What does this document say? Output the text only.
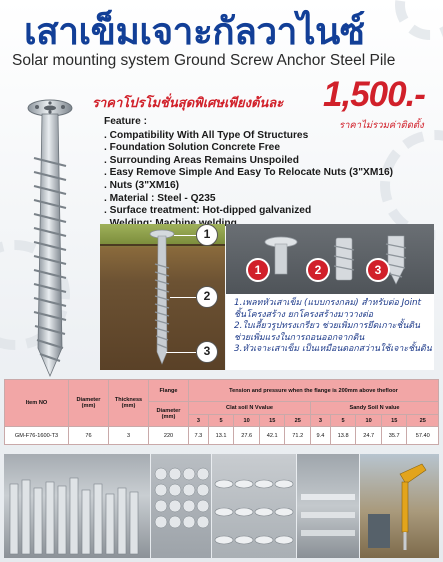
เสาเข็มเจาะกัลวาไนซ์
Solar mounting system Ground Screw Anchor Steel Pile
ราคาโปรโมชั่นสุดพิเศษเพียงต้นละ	1,500.-
ราคาไม่รวมค่าติดตั้ง
Feature :
. Compatibility With All Type Of Structures
. Foundation Solution Concrete Free
. Surrounding Areas Remains Unspoiled
. Easy Remove Simple And Easy To Relocate Nuts (3"XM16)
. Nuts (3"XM16)
. Material : Steel - Q235
. Surface treatment: Hot-dipped galvanized
1
2
3
1	2	3
1.เพลทหัวเสาเข็ม (แบบกรงกลม) สำหรับต่อ Joint
ชิ้นโครงสร้าง ยกโครงสร้างมาวางต่อ
2.ใบเลี้ยวรูปทรงเกรียว ช่วยเพิ่มการยึดเกาะชั้นดิน
ช่วยเพิ่มแรงในการถอนออกจากดิน
3.หัวเจาะเสาเข็ม เป็นเหมือนดอกสว่านใช้เจาะชั้นดิน
Item NO	Diameter (mm)	Thickness (mm)	Flange	Tension and pressure when the flange is 200mm above thefloor									
			Diameter (mm)	Clat soil N Vvalue					Sandy Soil N value				
				3	5	10	15	25	3	5	10	15	25
GM-F76-1600-T3	76	3	220	7.3	13.1	27.6	42.1	71.2	9.4	13.8	24.7	35.7	57.40
